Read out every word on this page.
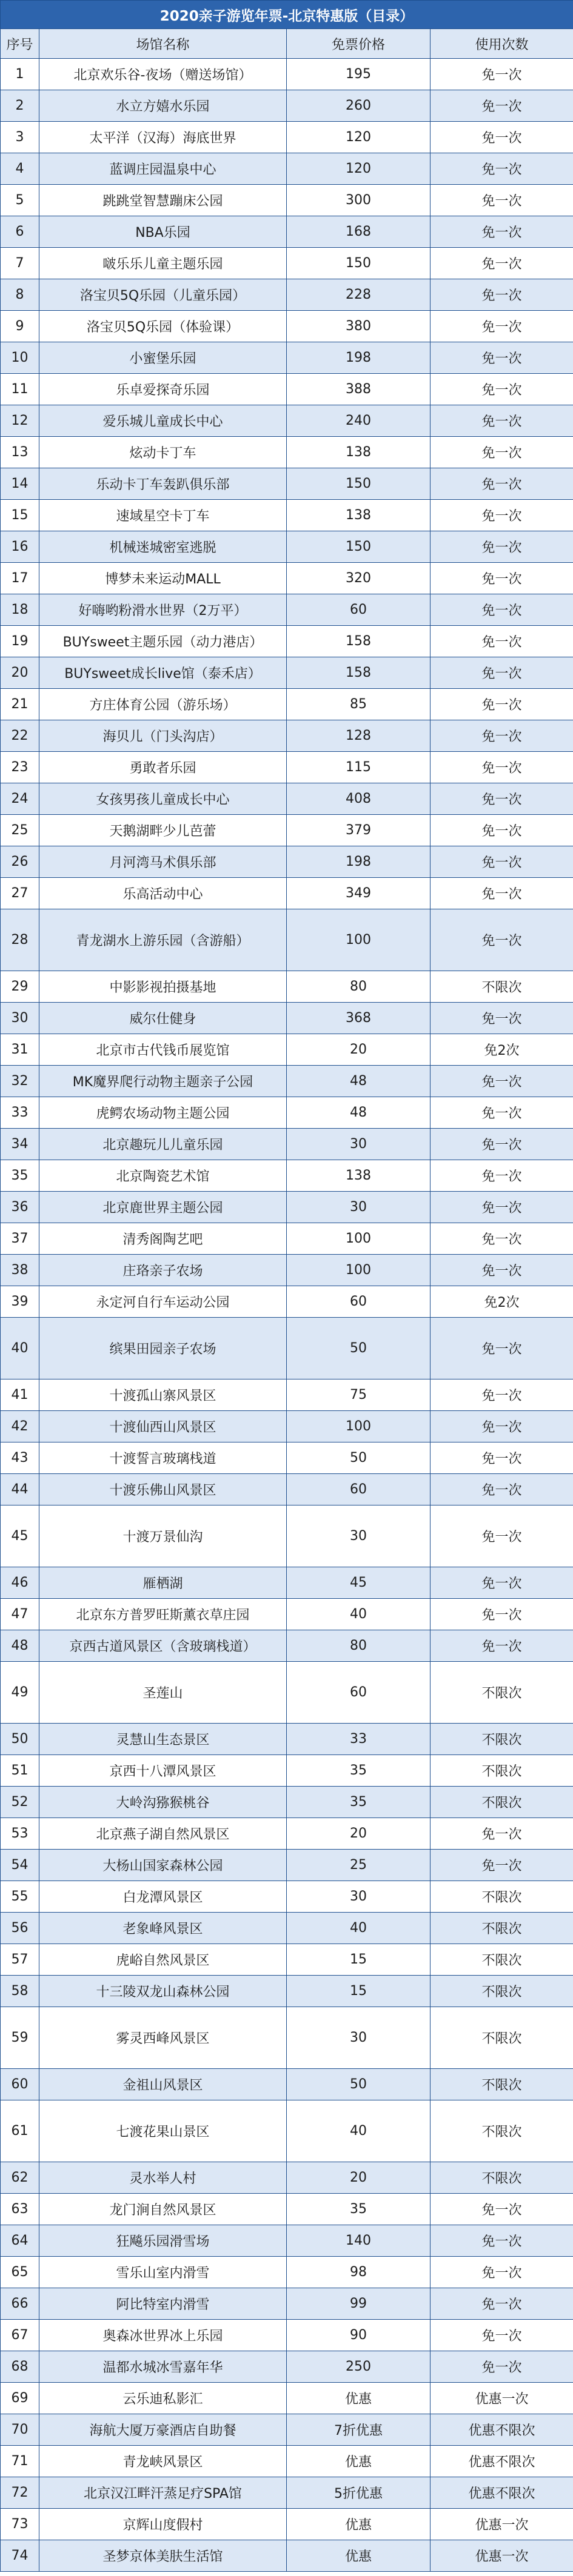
2020亲子游览年票-北京特惠版（目录）			
序号	场馆名称	免票价格	使用次数
1	北京欢乐谷-夜场（赠送场馆）	195	免一次
2	水立方嬉水乐园	260	免一次
3	太平洋（汉海）海底世界	120	免一次
4	蓝调庄园温泉中心	120	免一次
5	跳跳堂智慧蹦床公园	300	免一次
6	NBA乐园	168	免一次
7	啵乐乐儿童主题乐园	150	免一次
8	洛宝贝5Q乐园（儿童乐园）	228	免一次
9	洛宝贝5Q乐园（体验课）	380	免一次
10	小蜜堡乐园	198	免一次
11	乐卓爱探奇乐园	388	免一次
12	爱乐城儿童成长中心	240	免一次
13	炫动卡丁车	138	免一次
14	乐动卡丁车轰趴俱乐部	150	免一次
15	速域星空卡丁车	138	免一次
16	机械迷城密室逃脱	150	免一次
17	博梦未来运动MALL	320	免一次
18	好嗨哟粉滑水世界（2万平）	60	免一次
19	BUYsweet主题乐园（动力港店）	158	免一次
20	BUYsweet成长live馆（泰禾店）	158	免一次
21	方庄体育公园（游乐场）	85	免一次
22	海贝儿（门头沟店）	128	免一次
23	勇敢者乐园	115	免一次
24	女孩男孩儿童成长中心	408	免一次
25	天鹅湖畔少儿芭蕾	379	免一次
26	月河湾马术俱乐部	198	免一次
27	乐高活动中心	349	免一次
28	青龙湖水上游乐园（含游船）	100	免一次
29	中影影视拍摄基地	80	不限次
30	威尔仕健身	368	免一次
31	北京市古代钱币展览馆	20	免2次
32	MK魔界爬行动物主题亲子公园	48	免一次
33	虎鳄农场动物主题公园	48	免一次
34	北京趣玩儿儿童乐园	30	免一次
35	北京陶瓷艺术馆	138	免一次
36	北京鹿世界主题公园	30	免一次
37	清秀阁陶艺吧	100	免一次
38	庄珞亲子农场	100	免一次
39	永定河自行车运动公园	60	免2次
40	缤果田园亲子农场	50	免一次
41	十渡孤山寨风景区	75	免一次
42	十渡仙西山风景区	100	免一次
43	十渡誓言玻璃栈道	50	免一次
44	十渡乐佛山风景区	60	免一次
45	十渡万景仙沟	30	免一次
46	雁栖湖	45	免一次
47	北京东方普罗旺斯薰衣草庄园	40	免一次
48	京西古道风景区（含玻璃栈道）	80	免一次
49	圣莲山	60	不限次
50	灵慧山生态景区	33	不限次
51	京西十八潭风景区	35	不限次
52	大岭沟猕猴桃谷	35	不限次
53	北京燕子湖自然风景区	20	免一次
54	大杨山国家森林公园	25	免一次
55	白龙潭风景区	30	不限次
56	老象峰风景区	40	不限次
57	虎峪自然风景区	15	不限次
58	十三陵双龙山森林公园	15	不限次
59	雾灵西峰风景区	30	不限次
60	金祖山风景区	50	不限次
61	七渡花果山景区	40	不限次
62	灵水举人村	20	不限次
63	龙门涧自然风景区	35	免一次
64	狂飚乐园滑雪场	140	免一次
65	雪乐山室内滑雪	98	免一次
66	阿比特室内滑雪	99	免一次
67	奥森冰世界冰上乐园	90	免一次
68	温都水城冰雪嘉年华	250	免一次
69	云乐迪私影汇	优惠	优惠一次
70	海航大厦万豪酒店自助餐	7折优惠	优惠不限次
71	青龙峡风景区	优惠	优惠不限次
72	北京汉江畔汗蒸足疗SPA馆	5折优惠	优惠不限次
73	京辉山度假村	优惠	优惠一次
74	圣梦京体美肤生活馆	优惠	优惠一次
